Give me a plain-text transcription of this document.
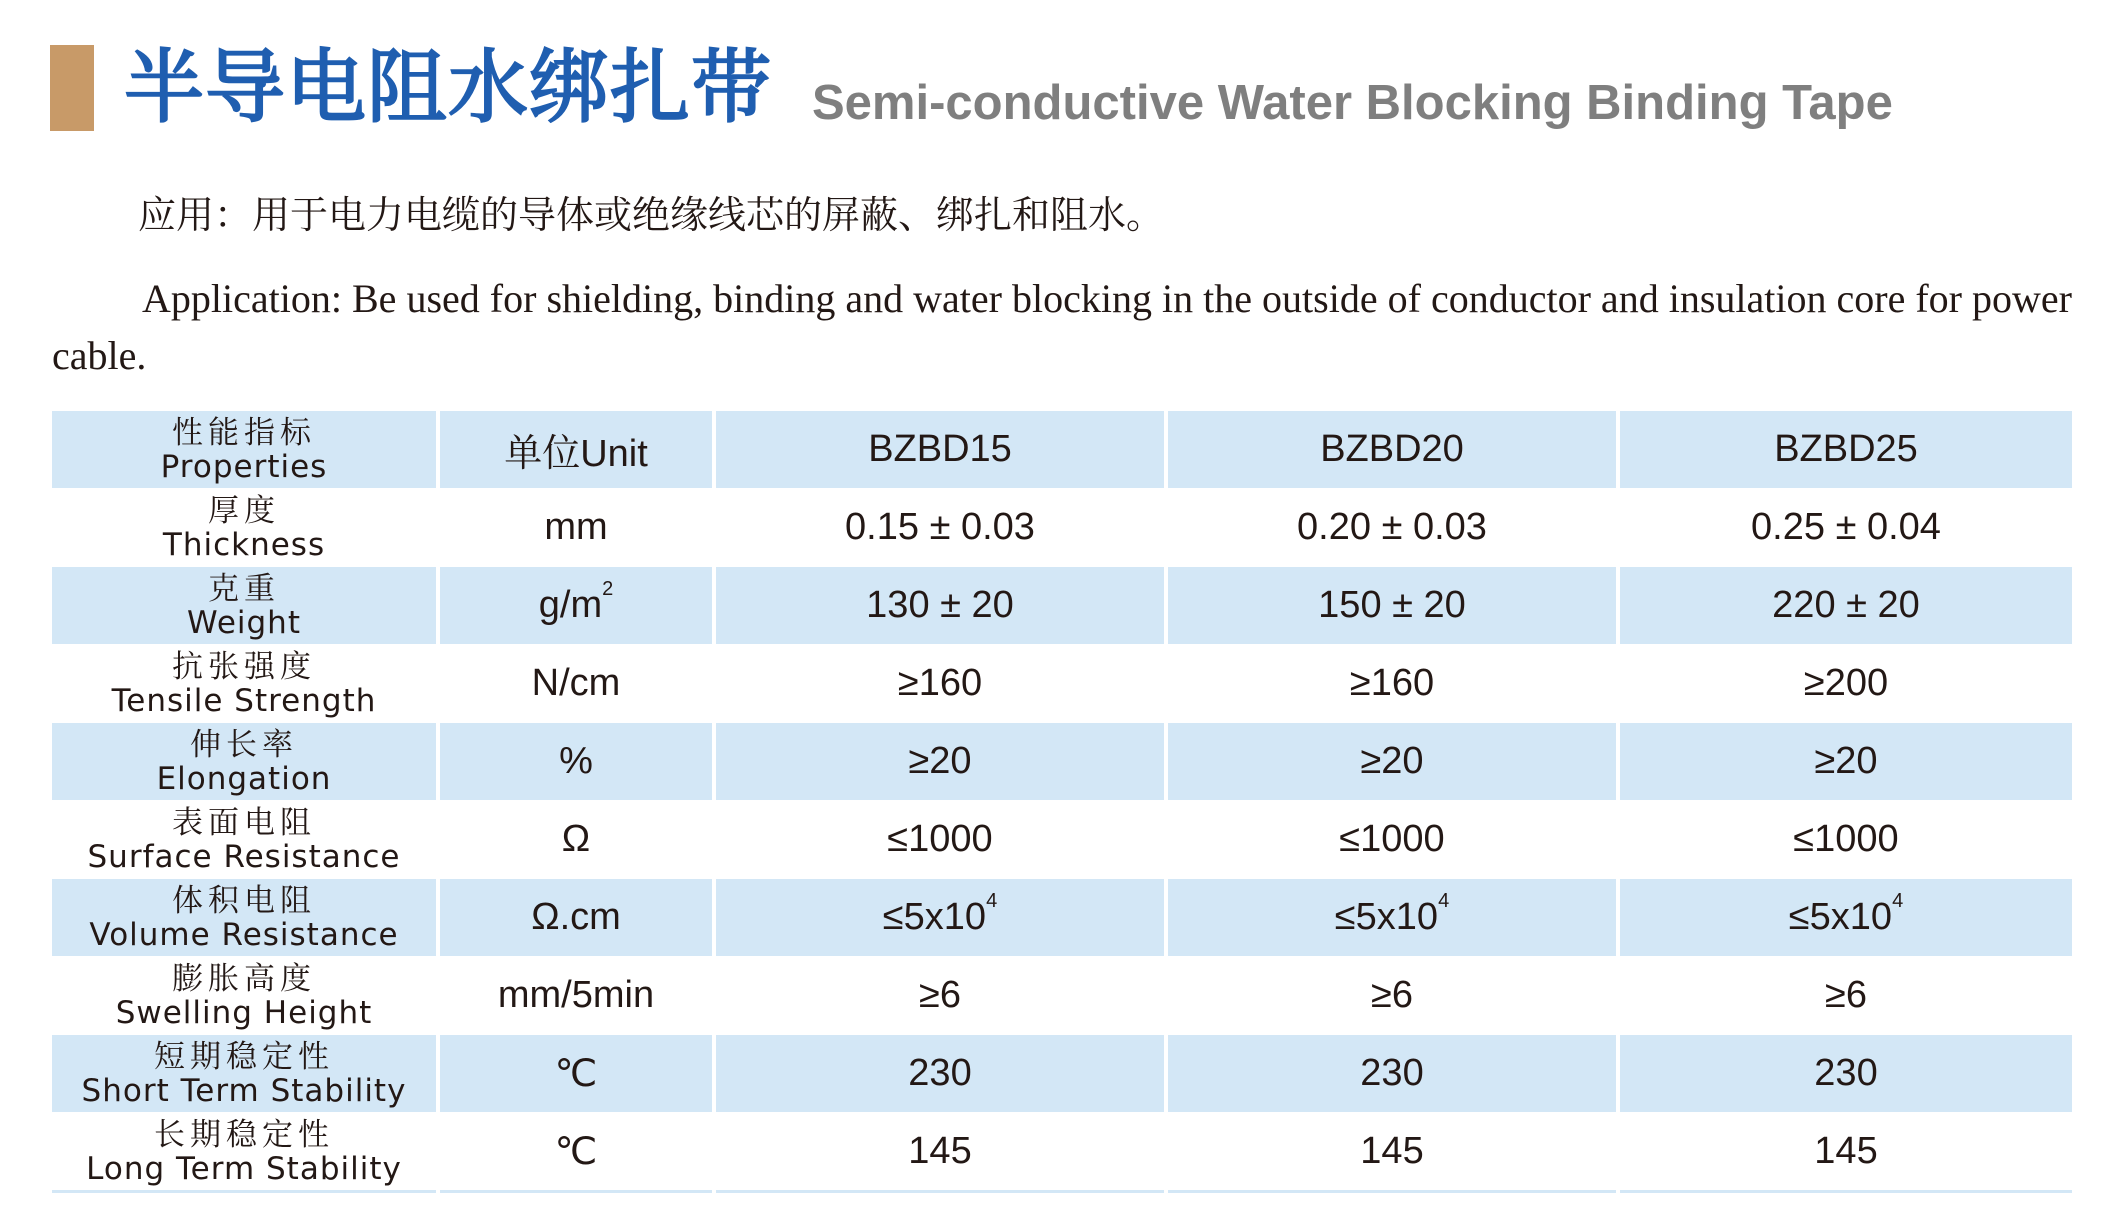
半导电阻水绑扎带 Semi-conductive Water Blocking Binding Tape
应用：用于电力电缆的导体或绝缘线芯的屏蔽、绑扎和阻水。
Application: Be used for shielding, binding and water blocking in the outside of conductor and insulation core for power cable.
性能指标
Properties	单位Unit	BZBD15	BZBD20	BZBD25

厚度
Thickness	mm	0.15 ± 0.03	0.20 ± 0.03	0.25 ± 0.04

克重
Weight	$g/m^2$	130 ± 20	150 ± 20	220 ± 20

抗张强度
Tensile Strength	N/cm	≥160	≥160	≥200

伸长率
Elongation	%	≥20	≥20	≥20

表面电阻
Surface Resistance	Ω	≤1000	≤1000	≤1000

体积电阻
Volume Resistance	Ω.cm	$\le 5x10^4$	$\le 5x10^4$	$\le 5x10^4$

膨胀高度
Swelling Height	mm/5min	≥6	≥6	≥6

短期稳定性
Short Term Stability	℃	230	230	230

长期稳定性
Long Term Stability	℃	145	145	145
